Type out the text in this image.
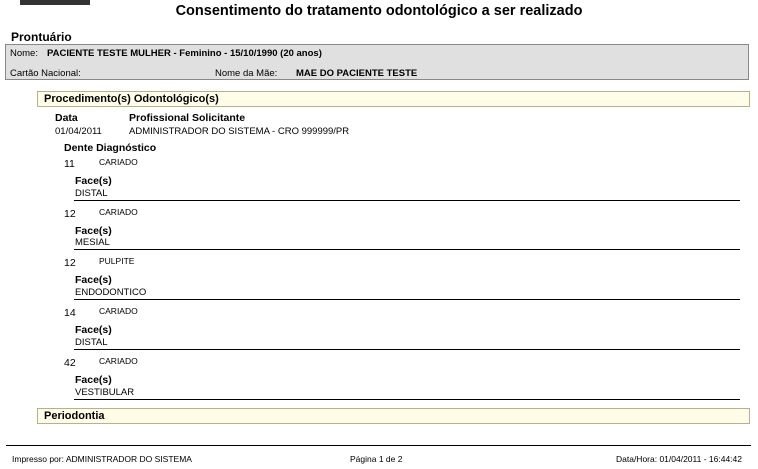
Consentimento do tratamento odontológico a ser realizado
Prontuário
Nome: PACIENTE TESTE MULHER - Feminino - 15/10/1990 (20 anos)
Cartão Nacional:	Nome da Mãe: MAE DO PACIENTE TESTE
Procedimento(s) Odontológico(s)
Data	Profissional Solicitante
01/04/2011	ADMINISTRADOR DO SISTEMA - CRO 999999/PR
Dente Diagnóstico
11	CARIADO
Face(s)
DISTAL
12	CARIADO
Face(s)
MESIAL
12	PULPITE
Face(s)
ENDODONTICO
14	CARIADO
Face(s)
DISTAL
42	CARIADO
Face(s)
VESTIBULAR
Periodontia
Impresso por: ADMINISTRADOR DO SISTEMA	Página 1 de 2	Data/Hora: 01/04/2011 - 16:44:42
